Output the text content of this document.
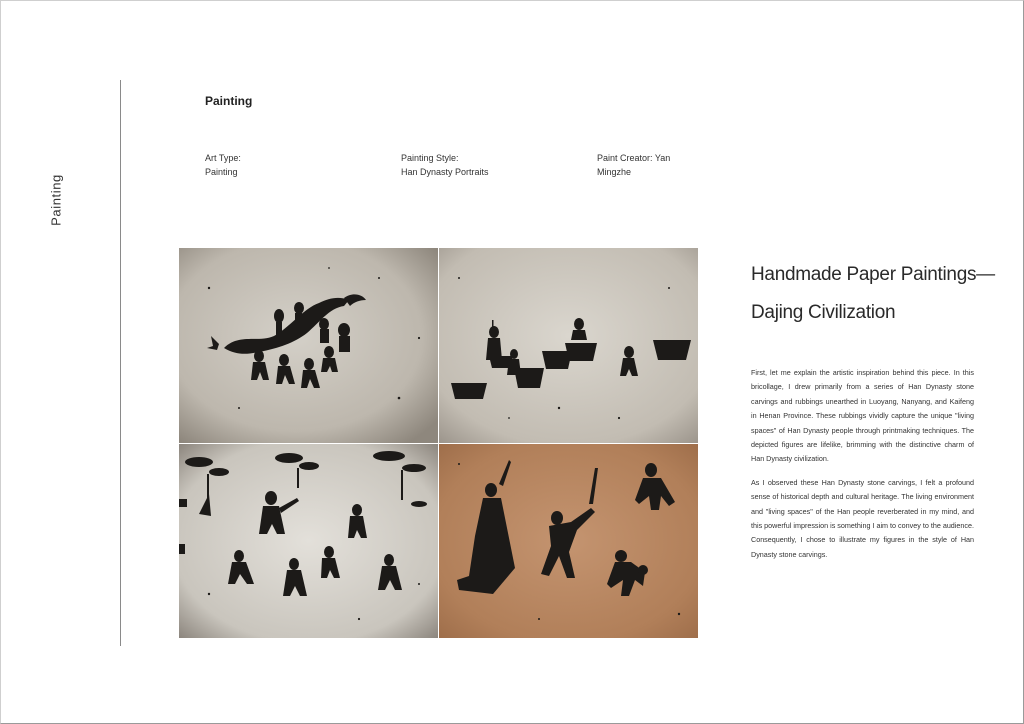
Painting
Painting
Art Type:
Painting
Painting Style:
Han Dynasty Portraits
Paint Creator: Yan
Mingzhe
Handmade Paper Paintings—
Dajing Civilization

First, let me explain the artistic inspiration behind this piece. In this bricollage, I drew primarily from a series of Han Dynasty stone carvings and rubbings unearthed in Luoyang, Nanyang, and Kaifeng in Henan Province. These rubbings vividly capture the unique "living spaces" of Han Dynasty people through printmaking techniques. The depicted figures are lifelike, brimming with the distinctive charm of Han Dynasty civilization.

As I observed these Han Dynasty stone carvings, I felt a profound sense of historical depth and cultural heritage. The living environment and "living spaces" of the Han people reverberated in my mind, and this powerful impression is something I aim to convey to the audience. Consequently, I chose to illustrate my figures in the style of Han Dynasty stone carvings.
